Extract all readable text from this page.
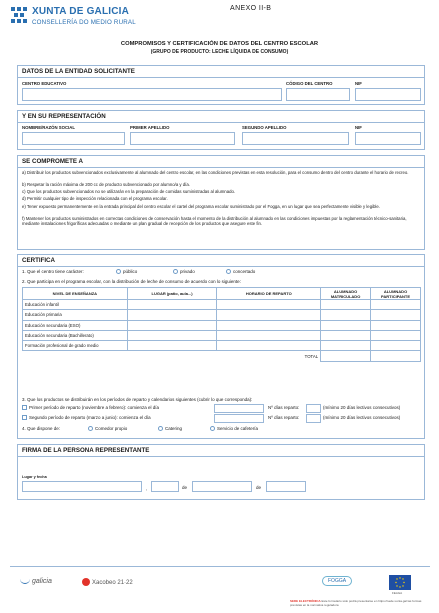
XUNTA DE GALICIA
CONSELLERÍA DO MEDIO RURAL
ANEXO II-B
COMPROMISOS Y CERTIFICACIÓN DE DATOS DEL CENTRO ESCOLAR
(GRUPO DE PRODUCTO: LECHE LÍQUIDA DE CONSUMO)
DATOS DE LA ENTIDAD SOLICITANTE
CENTRO EDUCATIVO	CÓDIGO DEL CENTRO	NIF
Y EN SU REPRESENTACIÓN
NOMBRE/RAZÓN SOCIAL	PRIMER APELLIDO	SEGUNDO APELLIDO	NIF
SE COMPROMETE A
a) Distribuir los productos subvencionados exclusivamente al alumnado del centro escolar, en las condiciones previstas en esta resolución, para el consumo dentro del centro durante el horario de recreo.
b) Respetar la ración máxima de 200 cc de producto subvencionado por alumno/a y día.
c) Que los productos subvencionados no se utilizarán en la preparación de comidas suministradas al alumnado.
d) Permitir cualquier tipo de inspección relacionada con el programa escolar.
e) Tener expuesto permanentemente en la entrada principal del centro escolar el cartel del programa escolar suministrado por el Fogga, en un lugar que sea perfectamente visible y legible.
f) Mantener los productos suministrados en correctas condiciones de conservación hasta el momento de la distribución al alumnado en las condiciones impuestas por la reglamentación técnico-sanitaria, mediante instalaciones frigoríficas adecuadas o mediante un plan gradual de recepción de los productos que asegure este fin.
CERTIFICA
1. Que el centro tiene carácter:	público	privado	concertado
2. Que participa en el programa escolar, con la distribución de leche de consumo de acuerdo con lo siguiente:
NIVEL DE ENSEÑANZA	LUGAR (patio, aula...)	HORARIO DE REPARTO	ALUMNADO MATRICULADO	ALUMNADO PARTICIPANTE
Educación infantil				
Educación primaria				
Educación secundaria (ESO)				
Educación secundaria (Bachillerato)				
Formación profesional de grado medio				
TOTAL				
3. Que los productos se distribuirán en los períodos de reparto y calendarios siguientes (cubrir lo que corresponda):
Primer período de reparto (noviembre a febrero): comienza el día	Nº días reparto:	(mínimo 20 días lectivos consecutivos)
Segundo período de reparto (marzo a junio): comienza el día	Nº días reparto:	(mínimo 20 días lectivos consecutivos)
4. Que dispone de:	Comedor propio	Catering	Servicio de cafetería
FIRMA DE LA PERSONA REPRESENTANTE
Lugar y fecha
,	de	de
galicia	Xacobeo 21·22	FOGGA
FEAGA
SEDE ELECTRÓNICA Este formulario sólo podrá presentarse en https://sede.xunta.gal las formas previstas en la normativa reguladora
